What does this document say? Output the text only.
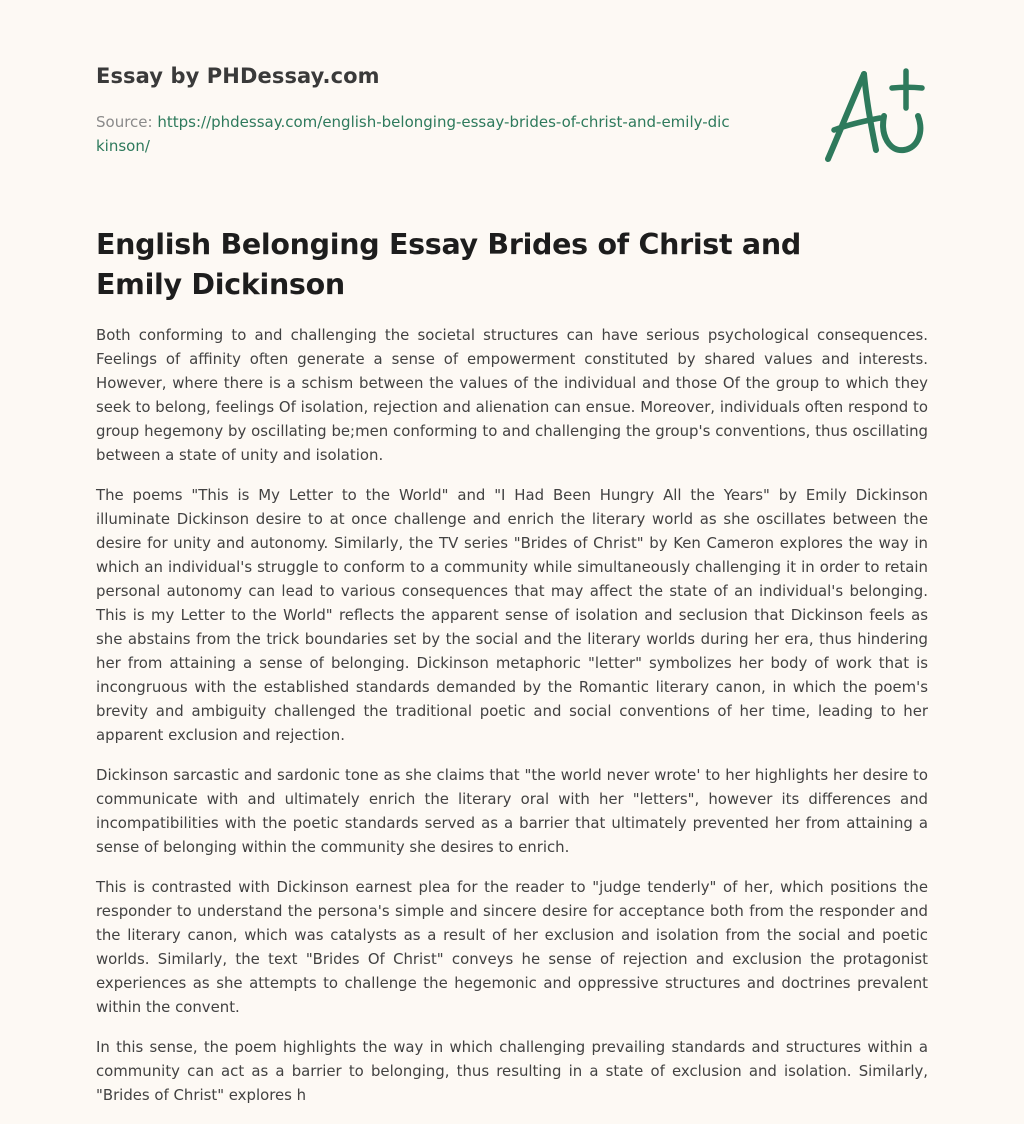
Essay by PHDessay.com

Source: https://phdessay.com/english-belonging-essay-brides-of-christ-and-emily-dickinson/

English Belonging Essay Brides of Christ and Emily Dickinson

Both conforming to and challenging the societal structures can have serious psychological consequences. Feelings of affinity often generate a sense of empowerment constituted by shared values and interests. However, where there is a schism between the values of the individual and those Of the group to which they seek to belong, feelings Of isolation, rejection and alienation can ensue. Moreover, individuals often respond to group hegemony by oscillating be;men conforming to and challenging the group's conventions, thus oscillating between a state of unity and isolation.

The poems "This is My Letter to the World" and "I Had Been Hungry All the Years" by Emily Dickinson illuminate Dickinson desire to at once challenge and enrich the literary world as she oscillates between the desire for unity and autonomy. Similarly, the TV series "Brides of Christ" by Ken Cameron explores the way in which an individual's struggle to conform to a community while simultaneously challenging it in order to retain personal autonomy can lead to various consequences that may affect the state of an individual's belonging. This is my Letter to the World" reflects the apparent sense of isolation and seclusion that Dickinson feels as she abstains from the trick boundaries set by the social and the literary worlds during her era, thus hindering her from attaining a sense of belonging. Dickinson metaphoric "letter" symbolizes her body of work that is incongruous with the established standards demanded by the Romantic literary canon, in which the poem's brevity and ambiguity challenged the traditional poetic and social conventions of her time, leading to her apparent exclusion and rejection.

Dickinson sarcastic and sardonic tone as she claims that "the world never wrote' to her highlights her desire to communicate with and ultimately enrich the literary oral with her "letters", however its differences and incompatibilities with the poetic standards served as a barrier that ultimately prevented her from attaining a sense of belonging within the community she desires to enrich.

This is contrasted with Dickinson earnest plea for the reader to "judge tenderly" of her, which positions the responder to understand the persona's simple and sincere desire for acceptance both from the responder and the literary canon, which was catalysts as a result of her exclusion and isolation from the social and poetic worlds. Similarly, the text "Brides Of Christ" conveys he sense of rejection and exclusion the protagonist experiences as she attempts to challenge the hegemonic and oppressive structures and doctrines prevalent within the convent.

In this sense, the poem highlights the way in which challenging prevailing standards and structures within a community can act as a barrier to belonging, thus resulting in a state of exclusion and isolation. Similarly, "Brides of Christ" explores h
